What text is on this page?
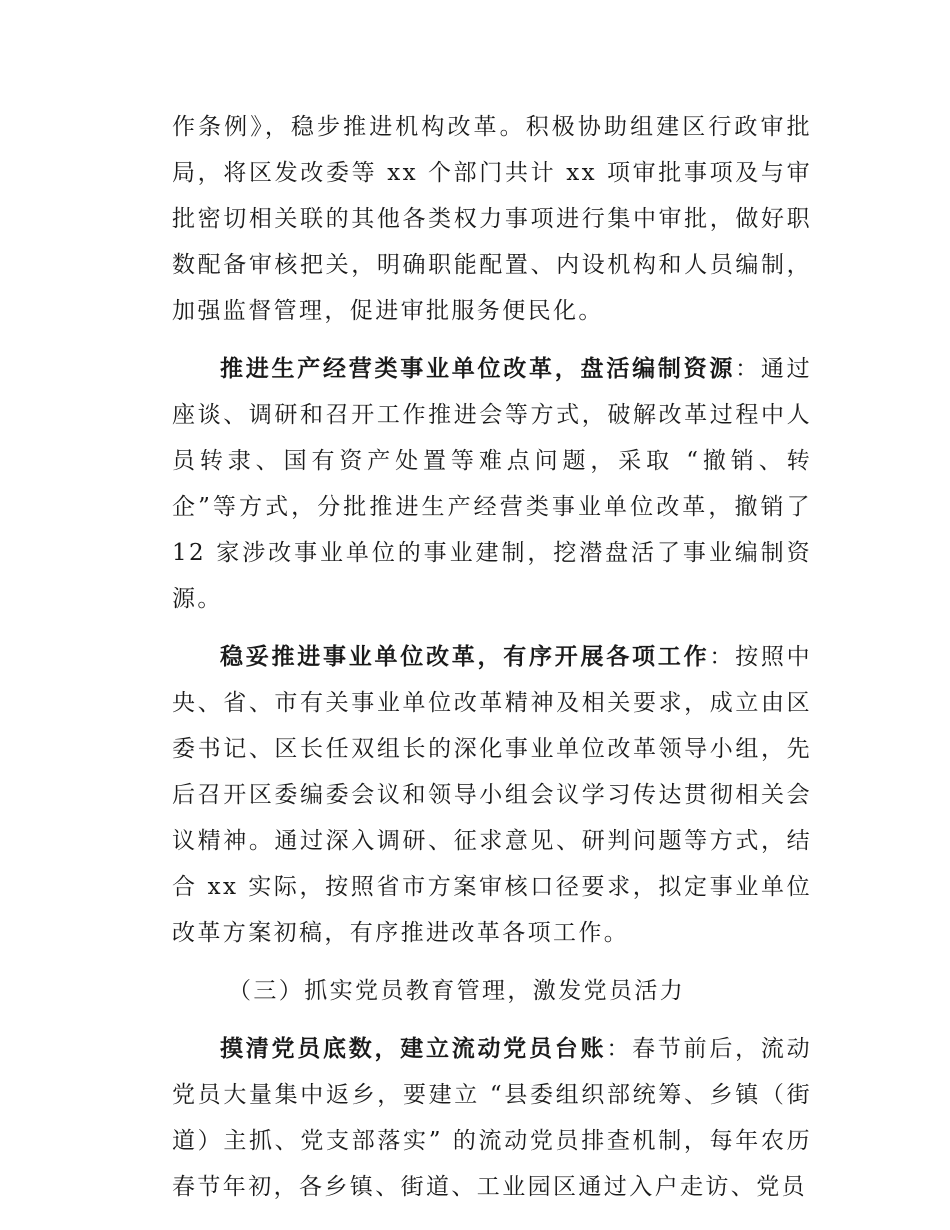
作条例》，稳步推进机构改革。积极协助组建区行政审批局，将区发改委等 xx 个部门共计 xx 项审批事项及与审批密切相关联的其他各类权力事项进行集中审批，做好职数配备审核把关，明确职能配置、内设机构和人员编制，加强监督管理，促进审批服务便民化。

推进生产经营类事业单位改革，盘活编制资源：通过座谈、调研和召开工作推进会等方式，破解改革过程中人员转隶、国有资产处置等难点问题，采取 “撤销、转企”等方式，分批推进生产经营类事业单位改革，撤销了 12 家涉改事业单位的事业建制，挖潜盘活了事业编制资源。

稳妥推进事业单位改革，有序开展各项工作：按照中央、省、市有关事业单位改革精神及相关要求，成立由区委书记、区长任双组长的深化事业单位改革领导小组，先后召开区委编委会议和领导小组会议学习传达贯彻相关会议精神。通过深入调研、征求意见、研判问题等方式，结合 xx 实际，按照省市方案审核口径要求，拟定事业单位改革方案初稿，有序推进改革各项工作。

（三）抓实党员教育管理，激发党员活力

摸清党员底数，建立流动党员台账：春节前后，流动党员大量集中返乡，要建立 “县委组织部统筹、乡镇（街道）主抓、党支部落实” 的流动党员排查机制，每年农历春节年初，各乡镇、街道、工业园区通过入户走访、党员
